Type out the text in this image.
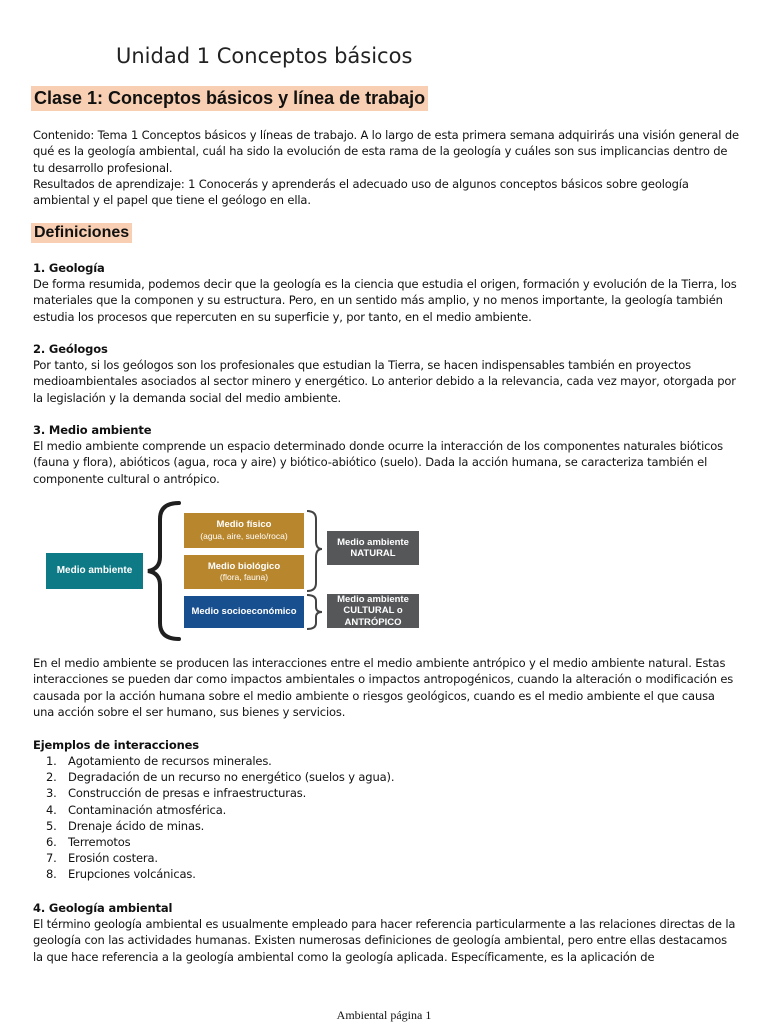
Unidad 1 Conceptos básicos
Clase 1: Conceptos básicos y línea de trabajo

Contenido: Tema 1 Conceptos básicos y líneas de trabajo. A lo largo de esta primera semana adquirirás una visión general de qué es la geología ambiental, cuál ha sido la evolución de esta rama de la geología y cuáles son sus implicancias dentro de tu desarrollo profesional.

Resultados de aprendizaje: 1 Conocerás y aprenderás el adecuado uso de algunos conceptos básicos sobre geología ambiental y el papel que tiene el geólogo en ella.

Definiciones

1. Geología

De forma resumida, podemos decir que la geología es la ciencia que estudia el origen, formación y evolución de la Tierra, los materiales que la componen y su estructura. Pero, en un sentido más amplio, y no menos importante, la geología también estudia los procesos que repercuten en su superficie y, por tanto, en el medio ambiente.

2. Geólogos

Por tanto, si los geólogos son los profesionales que estudian la Tierra, se hacen indispensables también en proyectos medioambientales asociados al sector minero y energético. Lo anterior debido a la relevancia, cada vez mayor, otorgada por la legislación y la demanda social del medio ambiente.

3. Medio ambiente

El medio ambiente comprende un espacio determinado donde ocurre la interacción de los componentes naturales bióticos (fauna y flora), abióticos (agua, roca y aire) y biótico-abiótico (suelo). Dada la acción humana, se caracteriza también el componente cultural o antrópico.

Medio ambiente
Medio físico
(agua, aire, suelo/roca)
Medio biológico
(flora, fauna)
Medio socioeconómico
Medio ambiente
NATURAL
Medio ambiente
CULTURAL o
ANTRÓPICO

En el medio ambiente se producen las interacciones entre el medio ambiente antrópico y el medio ambiente natural. Estas interacciones se pueden dar como impactos ambientales o impactos antropogénicos, cuando la alteración o modificación es causada por la acción humana sobre el medio ambiente o riesgos geológicos, cuando es el medio ambiente el que causa una acción sobre el ser humano, sus bienes y servicios.

Ejemplos de interacciones

1. Agotamiento de recursos minerales.
2. Degradación de un recurso no energético (suelos y agua).
3. Construcción de presas e infraestructuras.
4. Contaminación atmosférica.
5. Drenaje ácido de minas.
6. Terremotos
7. Erosión costera.
8. Erupciones volcánicas.

4. Geología ambiental

El término geología ambiental es usualmente empleado para hacer referencia particularmente a las relaciones directas de la geología con las actividades humanas. Existen numerosas definiciones de geología ambiental, pero entre ellas destacamos la que hace referencia a la geología ambiental como la geología aplicada. Específicamente, es la aplicación de

Ambiental página 1
